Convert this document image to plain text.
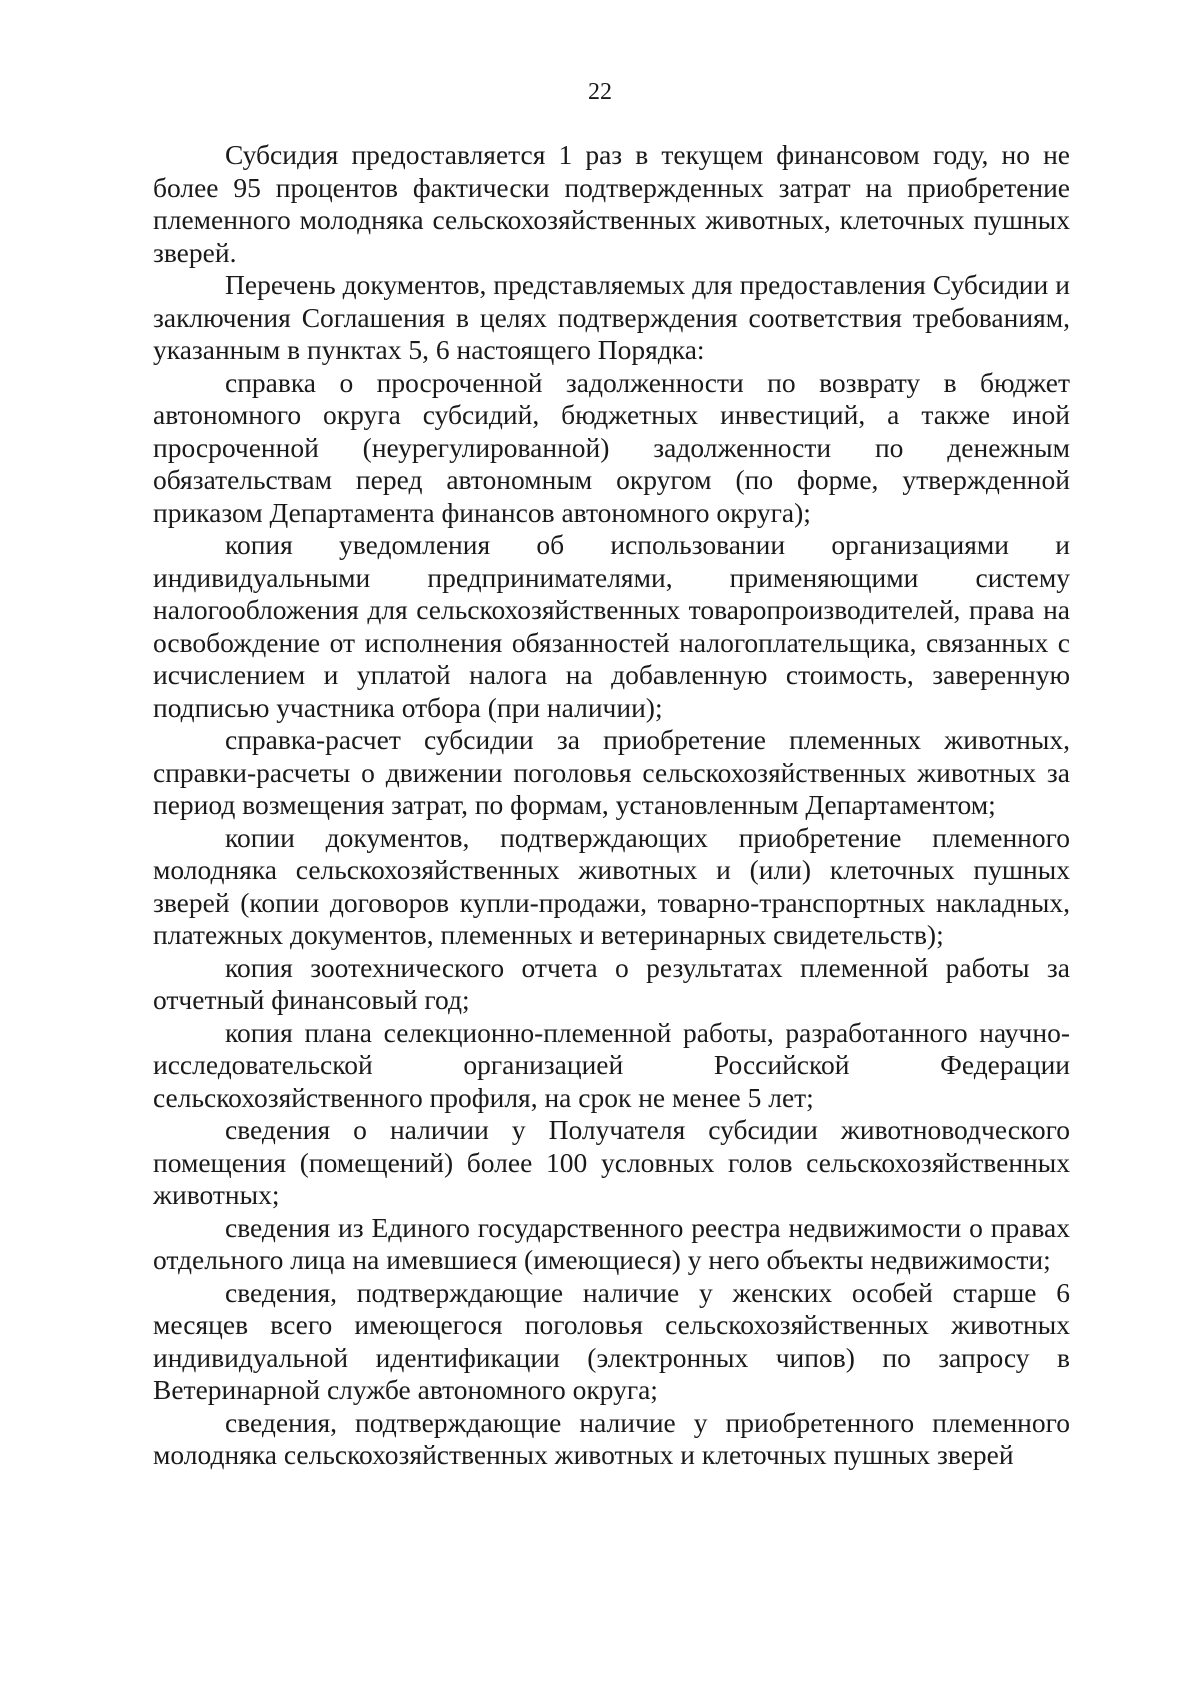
22

Субсидия предоставляется 1 раз в текущем финансовом году, но не более 95 процентов фактически подтвержденных затрат на приобретение племенного молодняка сельскохозяйственных животных, клеточных пушных зверей.

Перечень документов, представляемых для предоставления Субсидии и заключения Соглашения в целях подтверждения соответствия требованиям, указанным в пунктах 5, 6 настоящего Порядка:

справка о просроченной задолженности по возврату в бюджет автономного округа субсидий, бюджетных инвестиций, а также иной просроченной (неурегулированной) задолженности по денежным обязательствам перед автономным округом (по форме, утвержденной приказом Департамента финансов автономного округа);

копия уведомления об использовании организациями и индивидуальными предпринимателями, применяющими систему налогообложения для сельскохозяйственных товаропроизводителей, права на освобождение от исполнения обязанностей налогоплательщика, связанных с исчислением и уплатой налога на добавленную стоимость, заверенную подписью участника отбора (при наличии);

справка-расчет субсидии за приобретение племенных животных, справки-расчеты о движении поголовья сельскохозяйственных животных за период возмещения затрат, по формам, установленным Департаментом;

копии документов, подтверждающих приобретение племенного молодняка сельскохозяйственных животных и (или) клеточных пушных зверей (копии договоров купли-продажи, товарно-транспортных накладных, платежных документов, племенных и ветеринарных свидетельств);

копия зоотехнического отчета о результатах племенной работы за отчетный финансовый год;

копия плана селекционно-племенной работы, разработанного научно-исследовательской организацией Российской Федерации сельскохозяйственного профиля, на срок не менее 5 лет;

сведения о наличии у Получателя субсидии животноводческого помещения (помещений) более 100 условных голов сельскохозяйственных животных;

сведения из Единого государственного реестра недвижимости о правах отдельного лица на имевшиеся (имеющиеся) у него объекты недвижимости;

сведения, подтверждающие наличие у женских особей старше 6 месяцев всего имеющегося поголовья сельскохозяйственных животных индивидуальной идентификации (электронных чипов) по запросу в Ветеринарной службе автономного округа;

сведения, подтверждающие наличие у приобретенного племенного молодняка сельскохозяйственных животных и клеточных пушных зверей
